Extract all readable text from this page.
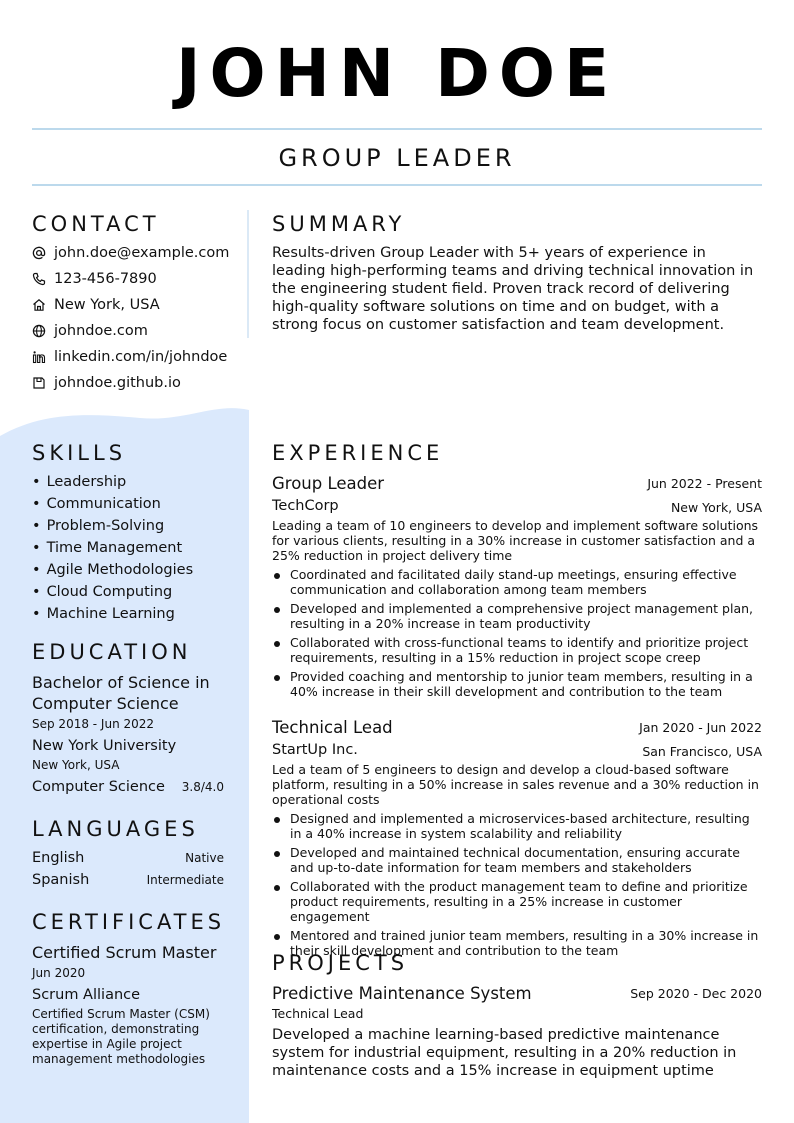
JOHN DOE
GROUP LEADER
CONTACT
john.doe@example.com
123-456-7890
New York, USA
johndoe.com
linkedin.com/in/johndoe
johndoe.github.io
SKILLS
• Leadership
• Communication
• Problem-Solving
• Time Management
• Agile Methodologies
• Cloud Computing
• Machine Learning
EDUCATION
Bachelor of Science in Computer Science
Sep 2018 - Jun 2022
New York University
New York, USA
Computer Science 3.8/4.0
LANGUAGES
English	Native
Spanish	Intermediate
CERTIFICATES
Certified Scrum Master
Jun 2020
Scrum Alliance
Certified Scrum Master (CSM) certification, demonstrating expertise in Agile project management methodologies
SUMMARY
Results-driven Group Leader with 5+ years of experience in leading high-performing teams and driving technical innovation in the engineering student field. Proven track record of delivering high-quality software solutions on time and on budget, with a strong focus on customer satisfaction and team development.
EXPERIENCE
Group Leader	Jun 2022 - Present
TechCorp	New York, USA
Leading a team of 10 engineers to develop and implement software solutions for various clients, resulting in a 30% increase in customer satisfaction and a 25% reduction in project delivery time
Coordinated and facilitated daily stand-up meetings, ensuring effective communication and collaboration among team members
Developed and implemented a comprehensive project management plan, resulting in a 20% increase in team productivity
Collaborated with cross-functional teams to identify and prioritize project requirements, resulting in a 15% reduction in project scope creep
Provided coaching and mentorship to junior team members, resulting in a 40% increase in their skill development and contribution to the team
Technical Lead	Jan 2020 - Jun 2022
StartUp Inc.	San Francisco, USA
Led a team of 5 engineers to design and develop a cloud-based software platform, resulting in a 50% increase in sales revenue and a 30% reduction in operational costs
Designed and implemented a microservices-based architecture, resulting in a 40% increase in system scalability and reliability
Developed and maintained technical documentation, ensuring accurate and up-to-date information for team members and stakeholders
Collaborated with the product management team to define and prioritize product requirements, resulting in a 25% increase in customer engagement
Mentored and trained junior team members, resulting in a 30% increase in their skill development and contribution to the team
PROJECTS
Predictive Maintenance System	Sep 2020 - Dec 2020
Technical Lead
Developed a machine learning-based predictive maintenance system for industrial equipment, resulting in a 20% reduction in maintenance costs and a 15% increase in equipment uptime
